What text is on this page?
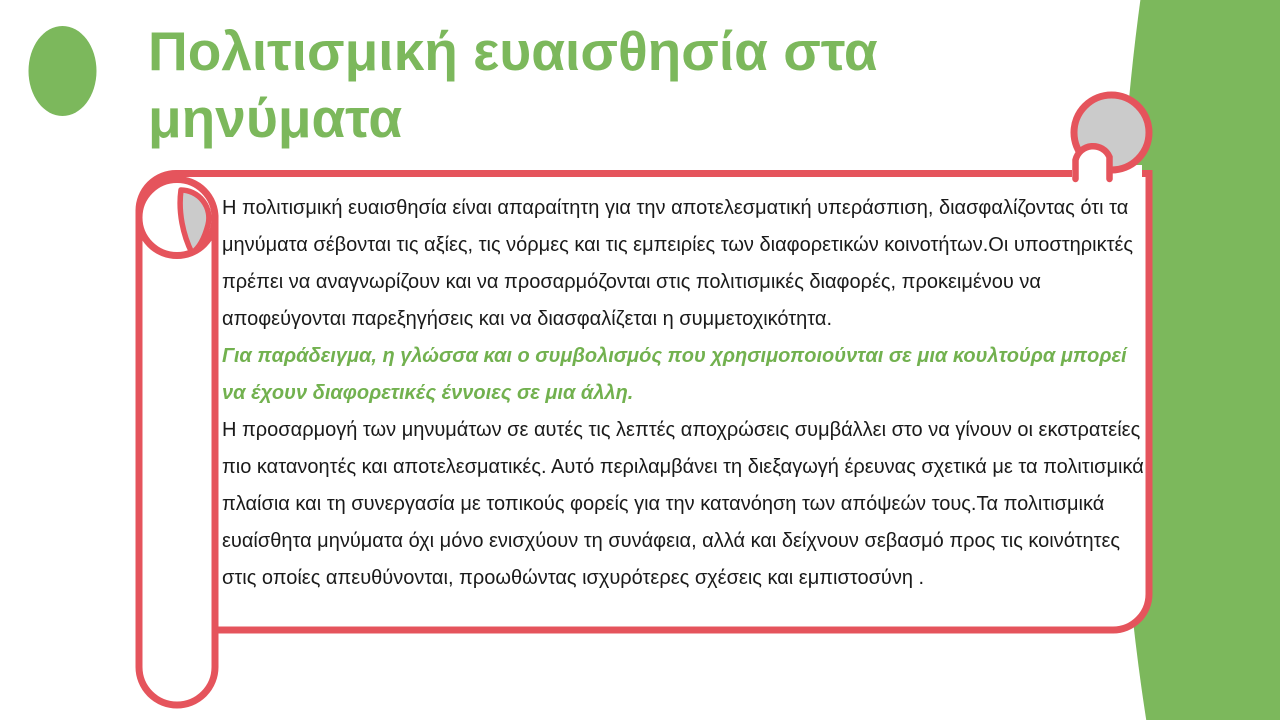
Πολιτισμική ευαισθησία στα μηνύματα

Η πολιτισμική ευαισθησία είναι απαραίτητη για την αποτελεσματική υπεράσπιση, διασφαλίζοντας ότι τα μηνύματα σέβονται τις αξίες, τις νόρμες και τις εμπειρίες των διαφορετικών κοινοτήτων.Οι υποστηρικτές πρέπει να αναγνωρίζουν και να προσαρμόζονται στις πολιτισμικές διαφορές, προκειμένου να αποφεύγονται παρεξηγήσεις και να διασφαλίζεται η συμμετοχικότητα.

Για παράδειγμα, η γλώσσα και ο συμβολισμός που χρησιμοποιούνται σε μια κουλτούρα μπορεί να έχουν διαφορετικές έννοιες σε μια άλλη.

Η προσαρμογή των μηνυμάτων σε αυτές τις λεπτές αποχρώσεις συμβάλλει στο να γίνουν οι εκστρατείες πιο κατανοητές και αποτελεσματικές. Αυτό περιλαμβάνει τη διεξαγωγή έρευνας σχετικά με τα πολιτισμικά πλαίσια και τη συνεργασία με τοπικούς φορείς για την κατανόηση των απόψεών τους.Τα πολιτισμικά ευαίσθητα μηνύματα όχι μόνο ενισχύουν τη συνάφεια, αλλά και δείχνουν σεβασμό προς τις κοινότητες στις οποίες απευθύνονται, προωθώντας ισχυρότερες σχέσεις και εμπιστοσύνη .
